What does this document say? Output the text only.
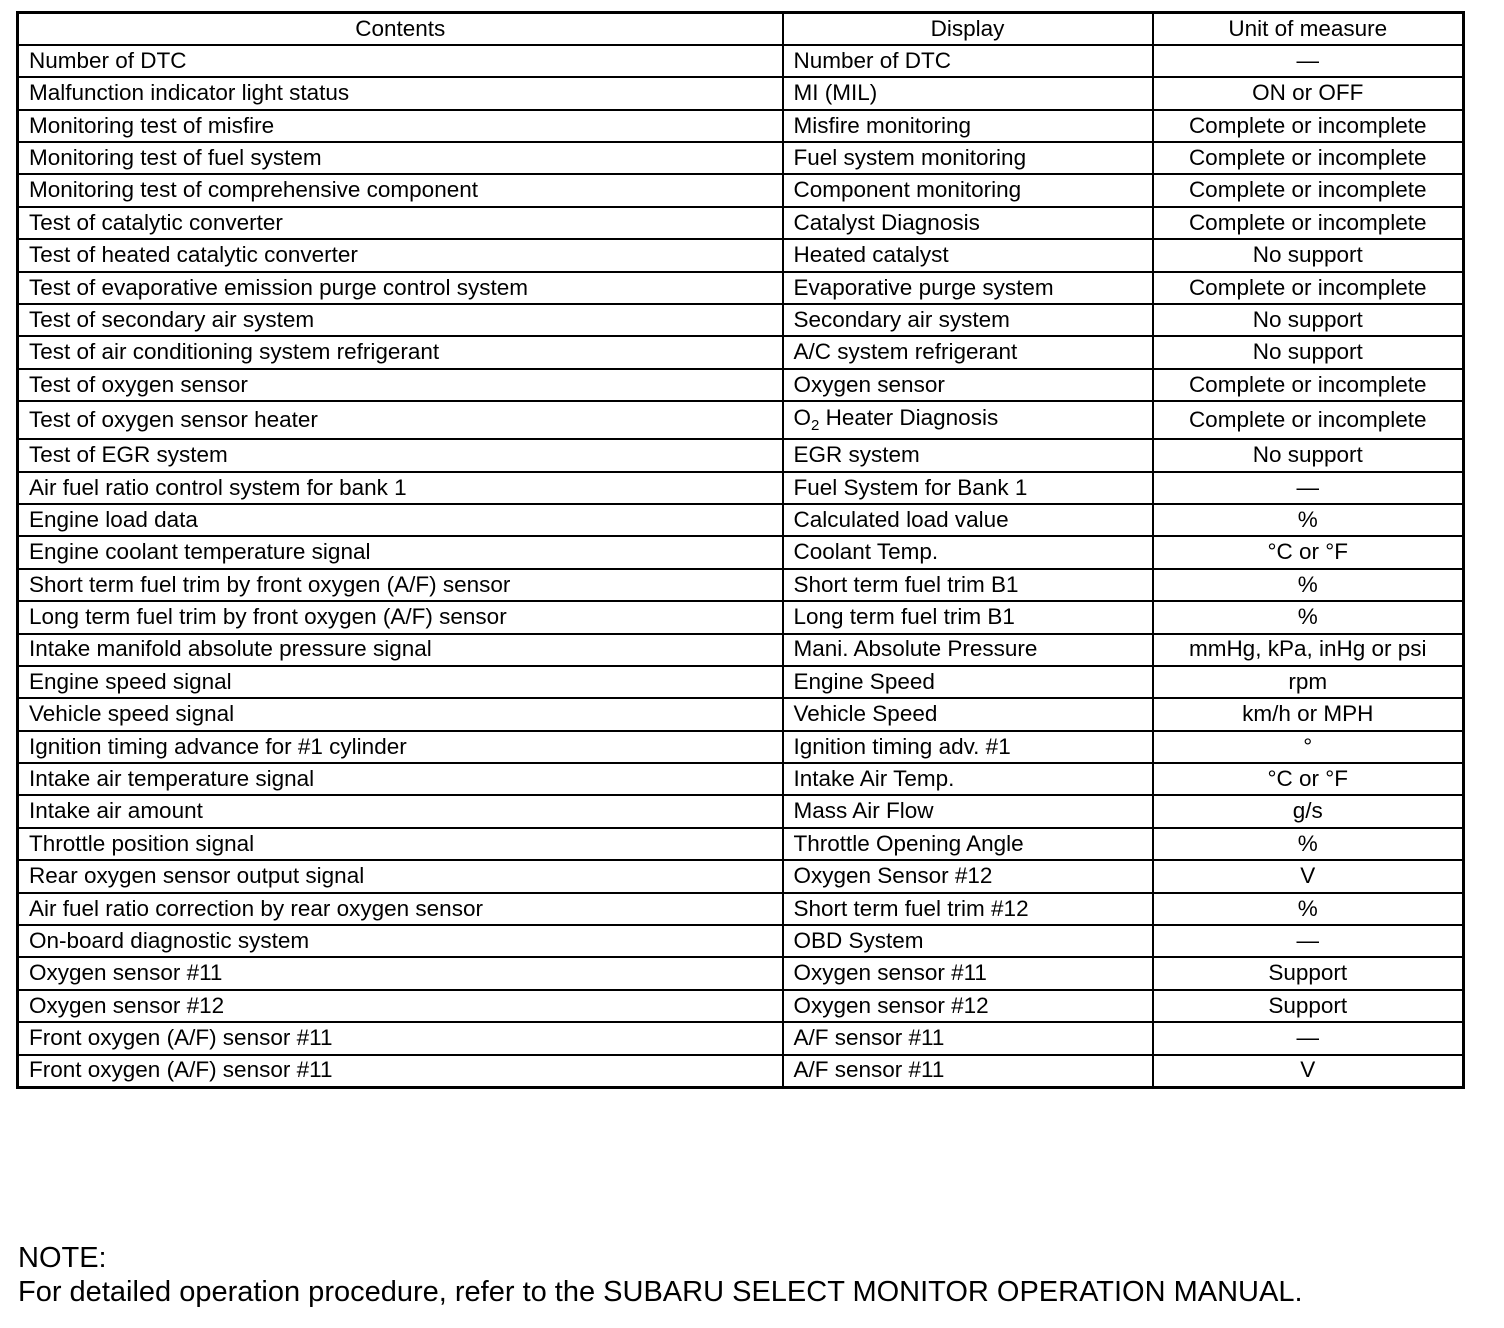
Contents	Display	Unit of measure
Number of DTC	Number of DTC	—
Malfunction indicator light status	MI (MIL)	ON or OFF
Monitoring test of misfire	Misfire monitoring	Complete or incomplete
Monitoring test of fuel system	Fuel system monitoring	Complete or incomplete
Monitoring test of comprehensive component	Component monitoring	Complete or incomplete
Test of catalytic converter	Catalyst Diagnosis	Complete or incomplete
Test of heated catalytic converter	Heated catalyst	No support
Test of evaporative emission purge control system	Evaporative purge system	Complete or incomplete
Test of secondary air system	Secondary air system	No support
Test of air conditioning system refrigerant	A/C system refrigerant	No support
Test of oxygen sensor	Oxygen sensor	Complete or incomplete
Test of oxygen sensor heater	$O_2$ Heater Diagnosis	Complete or incomplete
Test of EGR system	EGR system	No support
Air fuel ratio control system for bank 1	Fuel System for Bank 1	—
Engine load data	Calculated load value	%
Engine coolant temperature signal	Coolant Temp.	°C or °F
Short term fuel trim by front oxygen (A/F) sensor	Short term fuel trim B1	%
Long term fuel trim by front oxygen (A/F) sensor	Long term fuel trim B1	%
Intake manifold absolute pressure signal	Mani. Absolute Pressure	mmHg, kPa, inHg or psi
Engine speed signal	Engine Speed	rpm
Vehicle speed signal	Vehicle Speed	km/h or MPH
Ignition timing advance for #1 cylinder	Ignition timing adv. #1	°
Intake air temperature signal	Intake Air Temp.	°C or °F
Intake air amount	Mass Air Flow	g/s
Throttle position signal	Throttle Opening Angle	%
Rear oxygen sensor output signal	Oxygen Sensor #12	V
Air fuel ratio correction by rear oxygen sensor	Short term fuel trim #12	%
On-board diagnostic system	OBD System	—
Oxygen sensor #11	Oxygen sensor #11	Support
Oxygen sensor #12	Oxygen sensor #12	Support
Front oxygen (A/F) sensor #11	A/F sensor #11	—
Front oxygen (A/F) sensor #11	A/F sensor #11	V
NOTE:
For detailed operation procedure, refer to the SUBARU SELECT MONITOR OPERATION MANUAL.
